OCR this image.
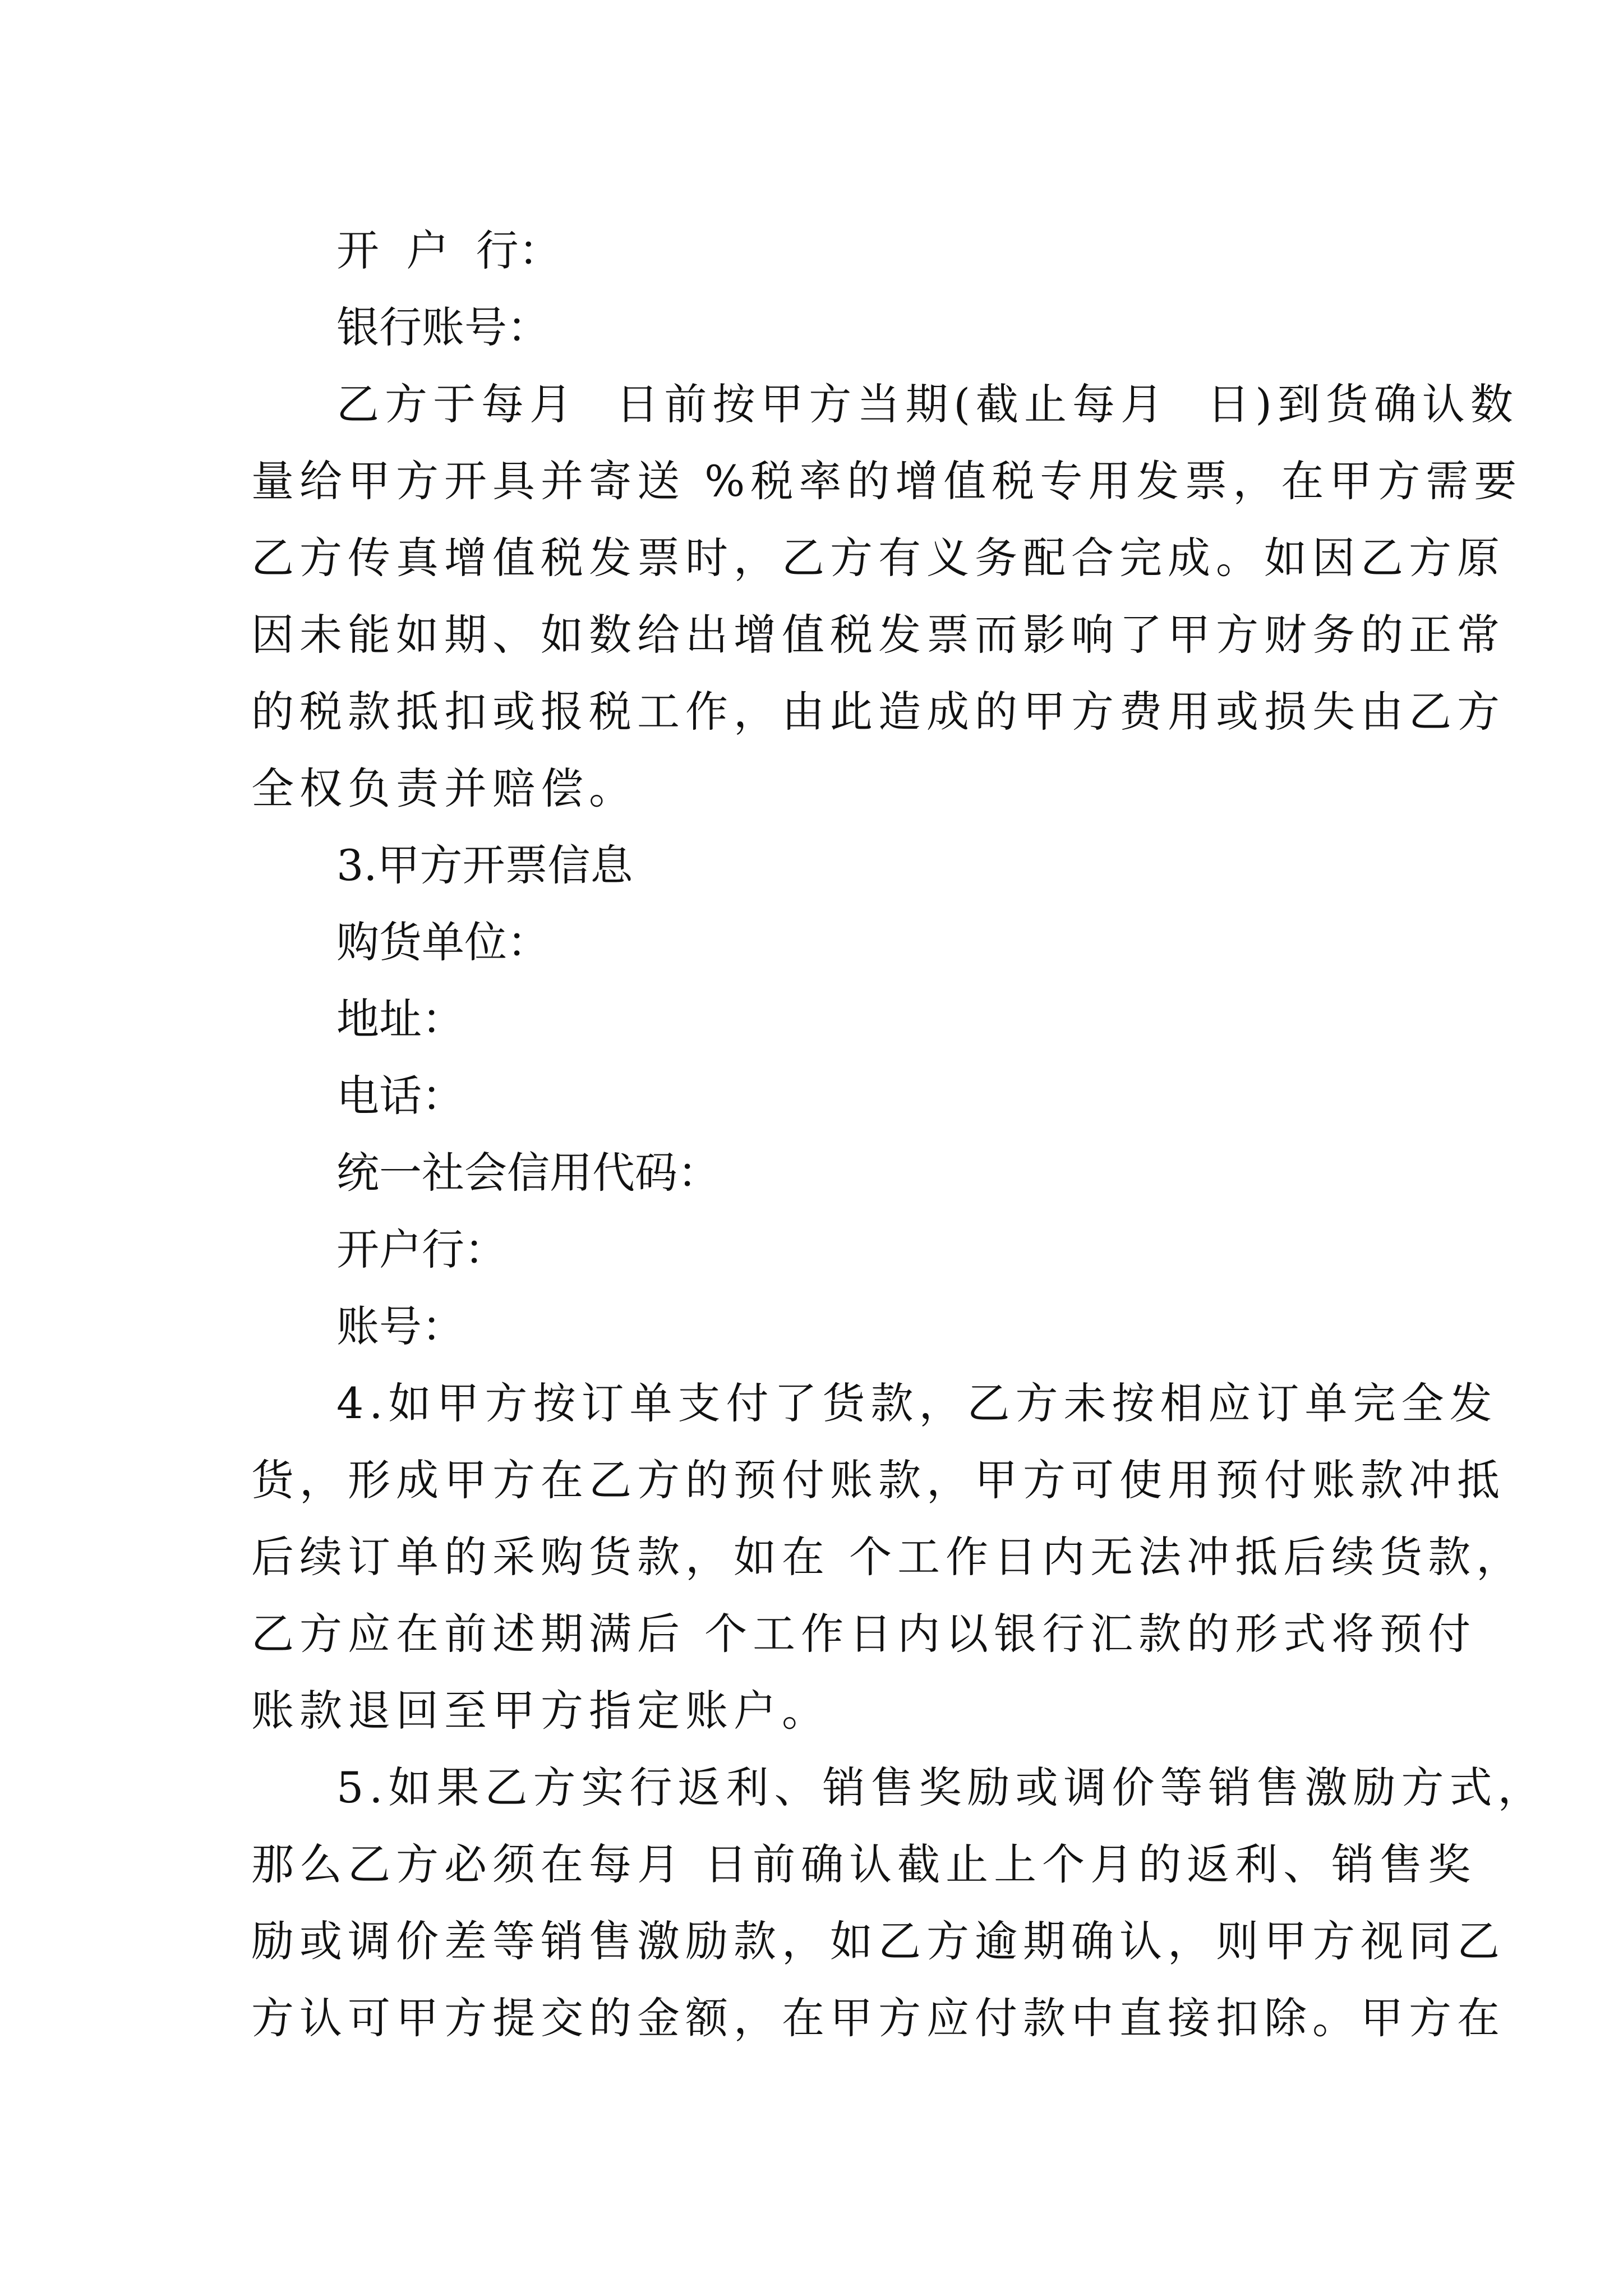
开  户  行：

银行账号：

乙方于每月  日前按甲方当期(截止每月  日)到货确认数

量给甲方开具并寄送 %税率的增值税专用发票，在甲方需要

乙方传真增值税发票时，乙方有义务配合完成。如因乙方原

因未能如期、如数给出增值税发票而影响了甲方财务的正常

的税款抵扣或报税工作，由此造成的甲方费用或损失由乙方

全权负责并赔偿。

3.甲方开票信息

购货单位：

地址：

电话：

统一社会信用代码：

开户行：

账号：

4.如甲方按订单支付了货款，乙方未按相应订单完全发

货，形成甲方在乙方的预付账款，甲方可使用预付账款冲抵

后续订单的采购货款，如在 个工作日内无法冲抵后续货款，

乙方应在前述期满后 个工作日内以银行汇款的形式将预付

账款退回至甲方指定账户。

5.如果乙方实行返利、销售奖励或调价等销售激励方式，

那么乙方必须在每月 日前确认截止上个月的返利、销售奖

励或调价差等销售激励款，如乙方逾期确认，则甲方视同乙

方认可甲方提交的金额，在甲方应付款中直接扣除。甲方在
